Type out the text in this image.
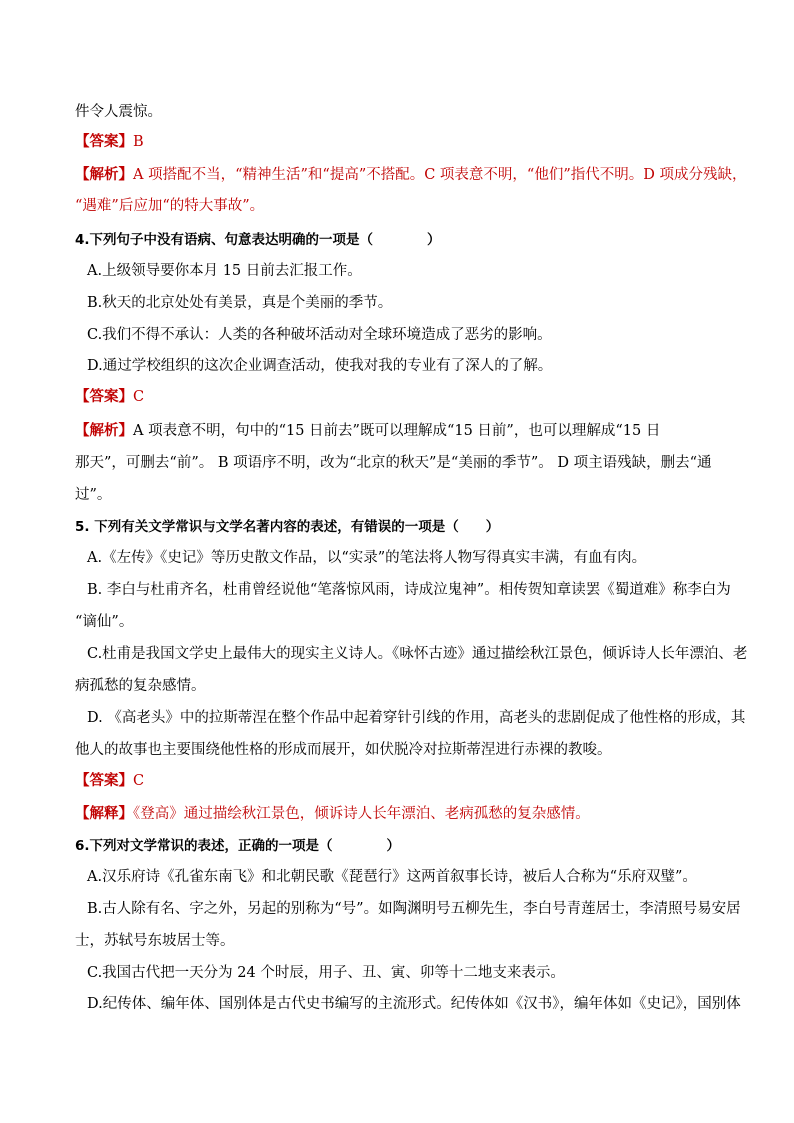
件令人震惊。
【答案】B
【解析】A 项搭配不当，“精神生活”和“提高”不搭配。C 项表意不明，“他们”指代不明。D 项成分残缺，
“遇难”后应加“的特大事故”。
4.下列句子中没有语病、句意表达明确的一项是（　　　　）
A.上级领导要你本月 15 日前去汇报工作。
B.秋天的北京处处有美景，真是个美丽的季节。
C.我们不得不承认：人类的各种破坏活动对全球环境造成了恶劣的影响。
D.通过学校组织的这次企业调查活动，使我对我的专业有了深人的了解。
【答案】C
【解析】A 项表意不明，句中的“15 日前去”既可以理解成“15 日前”，也可以理解成“15 日
那天”，可删去“前”。 B 项语序不明，改为“北京的秋天”是“美丽的季节”。 D 项主语残缺，删去“通
过”。
5. 下列有关文学常识与文学名著内容的表述，有错误的一项是（　　）
A.《左传》《史记》等历史散文作品，以“实录”的笔法将人物写得真实丰满，有血有肉。
B. 李白与杜甫齐名，杜甫曾经说他“笔落惊风雨，诗成泣鬼神”。相传贺知章读罢《蜀道难》称李白为
“谪仙”。
C.杜甫是我国文学史上最伟大的现实主义诗人。《咏怀古迹》通过描绘秋江景色，倾诉诗人长年漂泊、老
病孤愁的复杂感情。
D. 《高老头》中的拉斯蒂涅在整个作品中起着穿针引线的作用，高老头的悲剧促成了他性格的形成，其
他人的故事也主要围绕他性格的形成而展开，如伏脱冷对拉斯蒂涅进行赤裸的教唆。
【答案】C
【解释】《登高》通过描绘秋江景色，倾诉诗人长年漂泊、老病孤愁的复杂感情。
6.下列对文学常识的表述，正确的一项是（　　　　）
A.汉乐府诗《孔雀东南飞》和北朝民歌《琵琶行》这两首叙事长诗，被后人合称为“乐府双璧”。
B.古人除有名、字之外，另起的别称为“号”。如陶渊明号五柳先生，李白号青莲居士，李清照号易安居
士，苏轼号东坡居士等。
C.我国古代把一天分为 24 个时辰，用子、丑、寅、卯等十二地支来表示。
D.纪传体、编年体、国别体是古代史书编写的主流形式。纪传体如《汉书》，编年体如《史记》，国别体
